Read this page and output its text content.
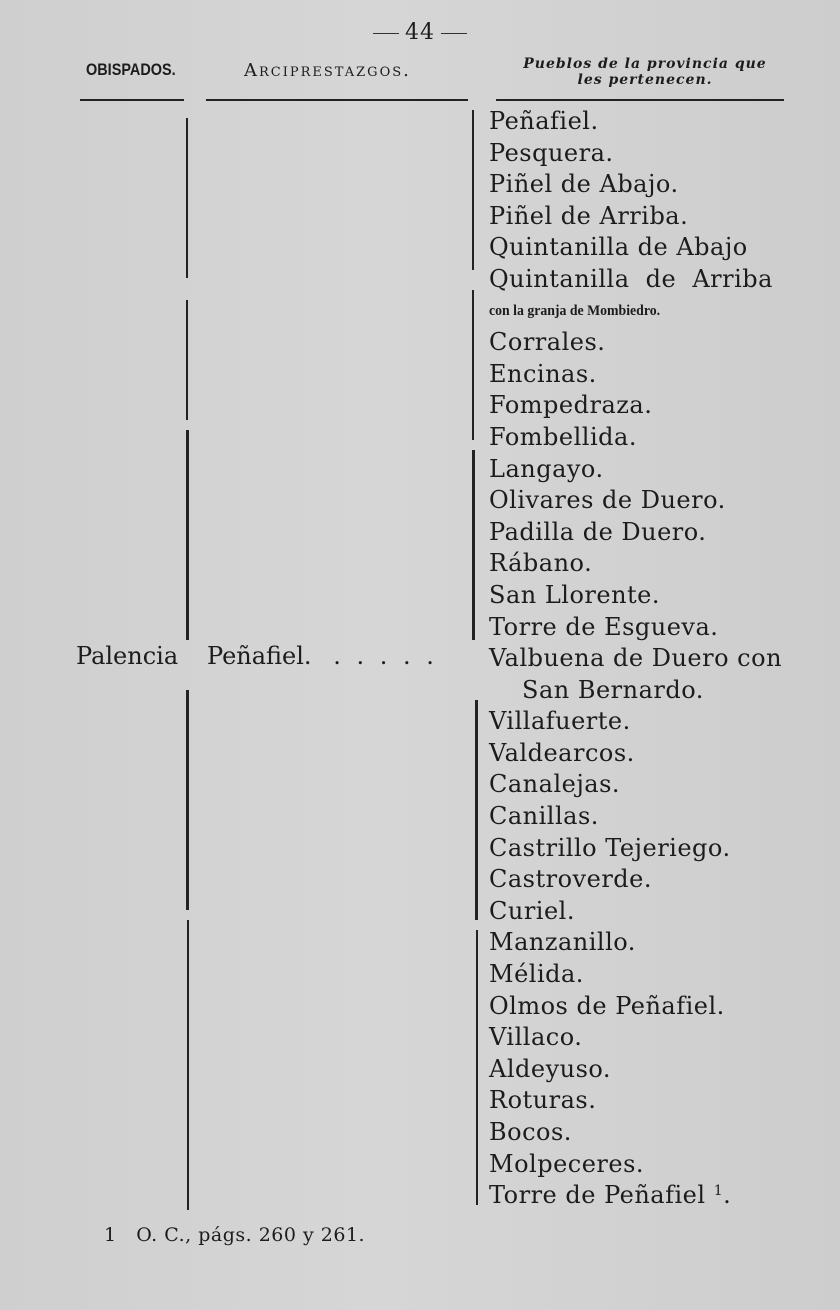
44
OBISPADOS.	Arciprestazgos.	Pueblos de la provincia que
les pertenecen.
Palencia Peñafiel. . . . . .
Peñafiel.
Pesquera.
Piñel de Abajo.
Piñel de Arriba.
Quintanilla de Abajo
Quintanilla de Arriba
con la granja de Mombiedro.
Corrales.
Encinas.
Fompedraza.
Fombellida.
Langayo.
Olivares de Duero.
Padilla de Duero.
Rábano.
San Llorente.
Torre de Esgueva.
Valbuena de Duero con
San Bernardo.
Villafuerte.
Valdearcos.
Canalejas.
Canillas.
Castrillo Tejeriego.
Castroverde.
Curiel.
Manzanillo.
Mélida.
Olmos de Peñafiel.
Villaco.
Aldeyuso.
Roturas.
Bocos.
Molpeceres.
Torre de Peñafiel $^1$.
1   O. C., págs. 260 y 261.
